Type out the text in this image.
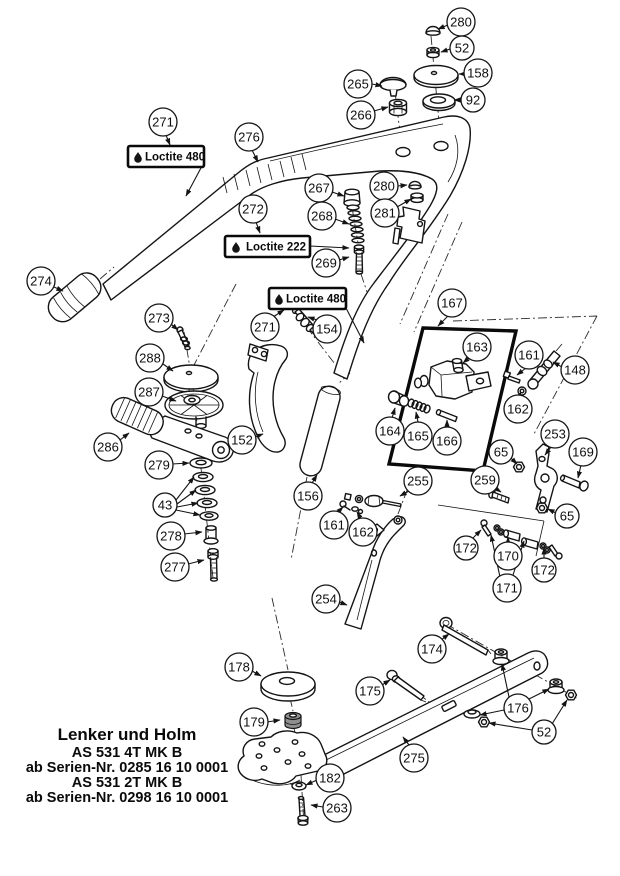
Loctite 480
Loctite 222
Loctite 480
280
52
158
92
265
266
271
276
274
272
267
268
280
281
269
273
288
287
286
279
43
278
277
152
271	154
156
167
163
161
148
162
164 165 166	253
65	169
259
65
255
161 162
172
170
171
172
254
178
174
175
179
176
52
275
182
263
Lenker und Holm
AS 531 4T MK B
ab Serien-Nr. 0285 16 10 0001
AS 531 2T MK B
ab Serien-Nr. 0298 16 10 0001
